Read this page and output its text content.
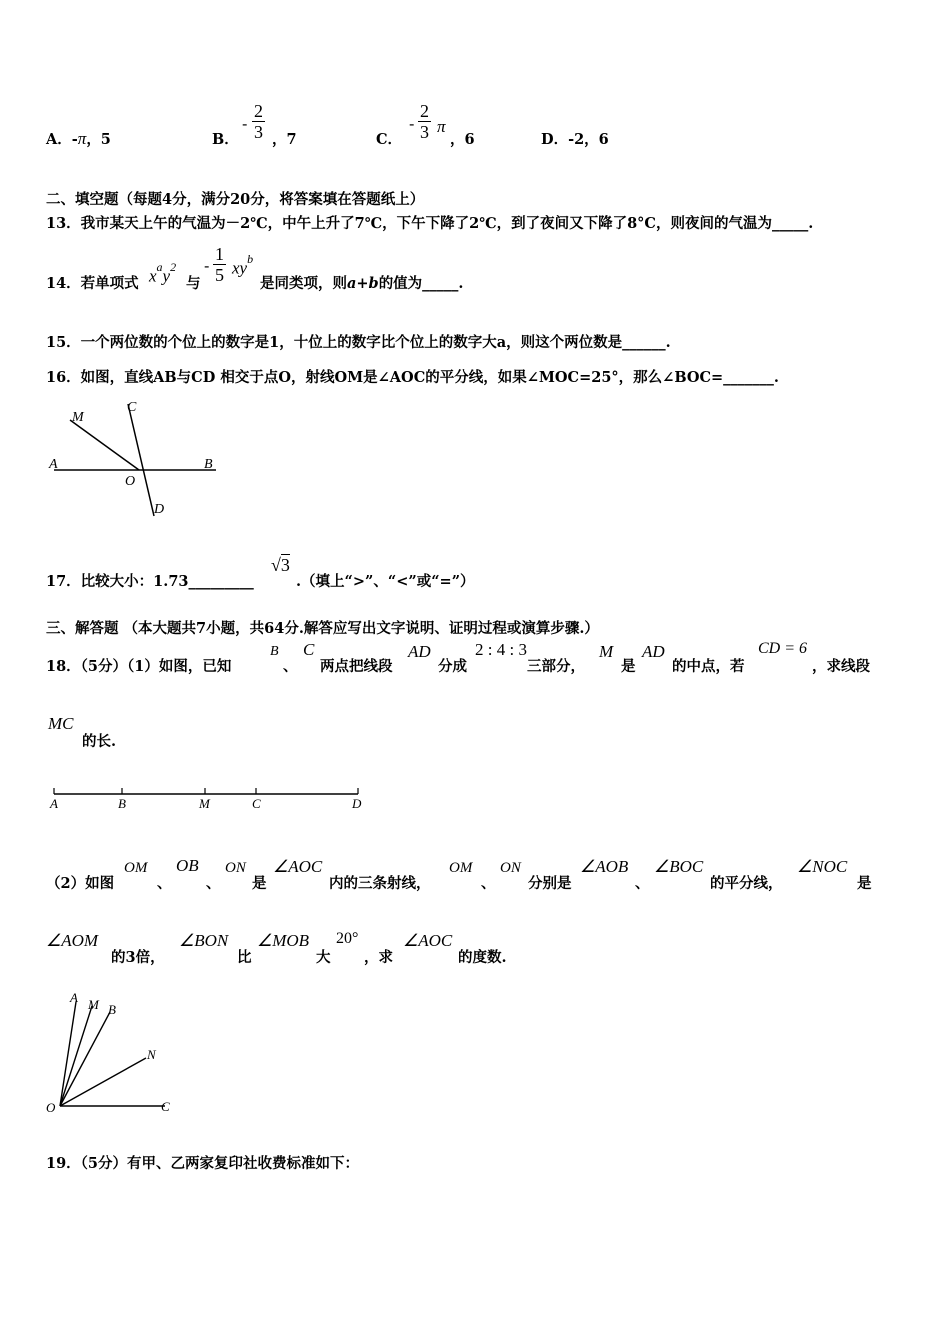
A．-π，5	B．
- $\frac{2}{3}$ ，7	C．
- $\frac{2}{3}$ π
，6	D．-2，6
二、填空题（每题4分，满分20分，将答案填在答题纸上）
13．我市某天上午的气温为－2℃，中午上升了7℃，下午下降了2℃，到了夜间又下降了8°C，则夜间的气温为_____.
14．若单项式 $x^ay^2$
与
- $\frac{1}{5} xy^b$
是同类项，则a+b的值为_____.
15．一个两位数的个位上的数字是1，十位上的数字比个位上的数字大a，则这个两位数是______.
16．如图，直线AB与CD 相交于点O，射线OM是∠AOC的平分线，如果∠MOC=25°，那么∠BOC=_______.
M
C
A	B
O
D
17．比较大小：1.73_________
√3
.（填上“>”、“<”或“=”）
三、解答题 （本大题共7小题，共64分.解答应写出文字说明、证明过程或演算步骤.）
18．（5分）（1）如图，已知
B
、
C
两点把线段
AD
分成
2 : 4 : 3
三部分，
M
是
AD
的中点，若
CD = 6
，求线段
MC
的长.
A	B	M	C	D
（2）如图
OM
、
OB
、
ON
是
∠AOC
内的三条射线，
OM
、
ON
分别是
∠AOB
、
∠BOC
的平分线，
∠NOC
是
∠AOM
的3倍，
∠BON
比
∠MOB
大
20°
，求
∠AOC
的度数.
A M B
N
O	C
19．（5分）有甲、乙两家复印社收费标准如下：
